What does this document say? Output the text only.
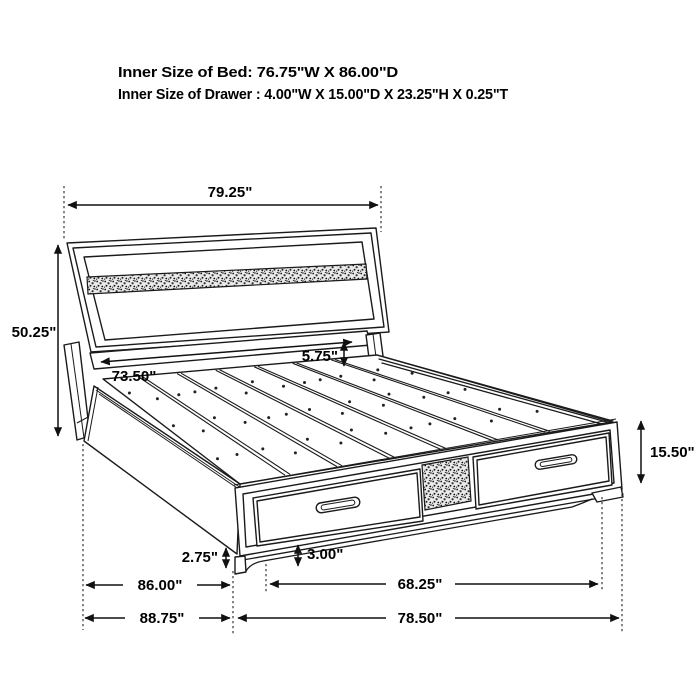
Inner Size of Bed: 76.75"W X 86.00"D
Inner Size of Drawer : 4.00"W X 15.00"D X 23.25"H X 0.25"T
79.25"
50.25"
73.50"
5.75"
15.50"
2.75"	3.00"
86.00"	68.25"
88.75"	78.50"
